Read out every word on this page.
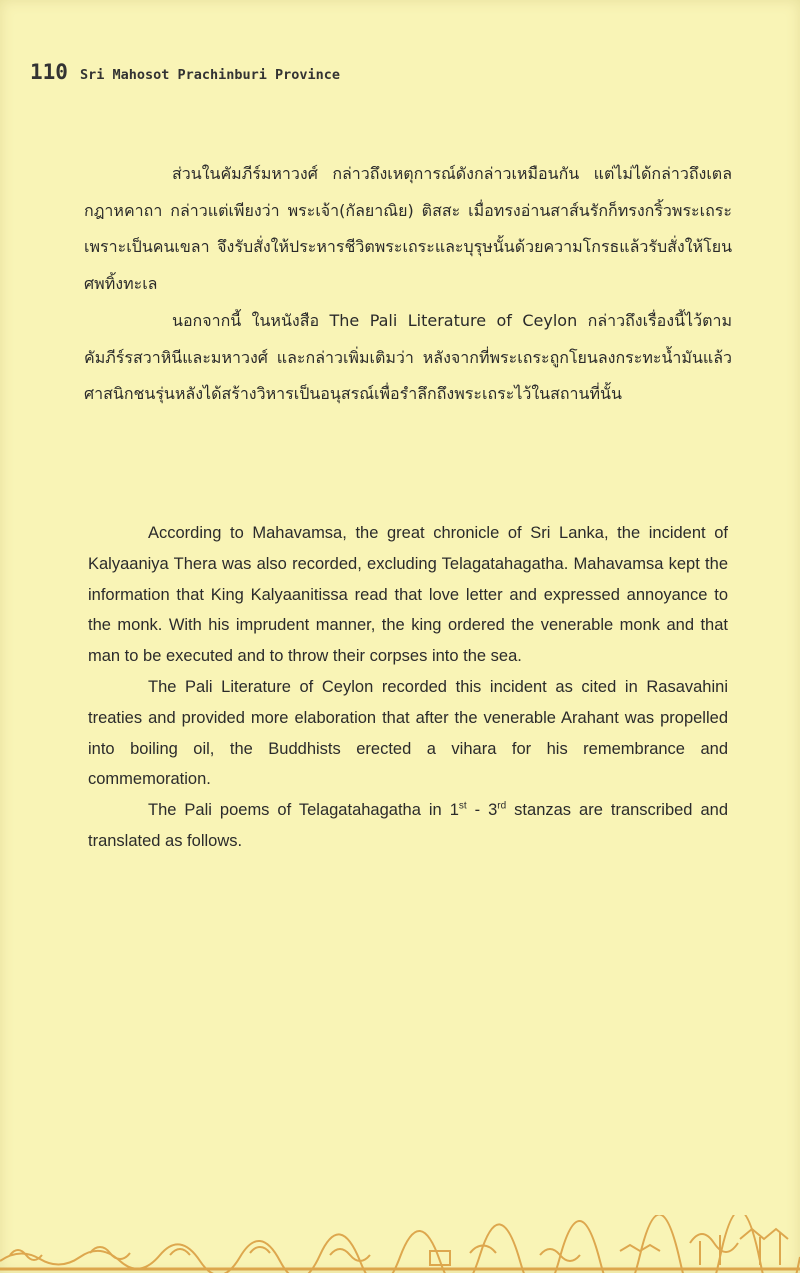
110 Sri Mahosot Prachinburi Province

ส่วนในคัมภีร์มหาวงศ์ กล่าวถึงเหตุการณ์ดังกล่าวเหมือนกัน แต่ไม่ได้กล่าวถึงเตลกฎาหคาถา กล่าวแต่เพียงว่า พระเจ้า(กัลยาณิย) ติสสะ เมื่อทรงอ่านสาส์นรักก็ทรงกริ้วพระเถระ เพราะเป็นคนเขลา จึงรับสั่งให้ประหารชีวิตพระเถระและบุรุษนั้นด้วยความโกรธแล้วรับสั่งให้โยนศพทิ้งทะเล

นอกจากนี้ ในหนังสือ The Pali Literature of Ceylon กล่าวถึงเรื่องนี้ไว้ตามคัมภีร์รสวาหินีและมหาวงศ์ และกล่าวเพิ่มเติมว่า หลังจากที่พระเถระถูกโยนลงกระทะน้ำมันแล้ว ศาสนิกชนรุ่นหลังได้สร้างวิหารเป็นอนุสรณ์เพื่อรำลึกถึงพระเถระไว้ในสถานที่นั้น

According to Mahavamsa, the great chronicle of Sri Lanka, the incident of Kalyaaniya Thera was also recorded, excluding Telagatahagatha. Mahavamsa kept the information that King Kalyaanitissa read that love letter and expressed annoyance to the monk. With his imprudent manner, the king ordered the venerable monk and that man to be executed and to throw their corpses into the sea.

The Pali Literature of Ceylon recorded this incident as cited in Rasavahini treaties and provided more elaboration that after the venerable Arahant was propelled into boiling oil, the Buddhists erected a vihara for his remembrance and commemoration.

The Pali poems of Telagatahagatha in 1st - 3rd stanzas are transcribed and translated as follows.
